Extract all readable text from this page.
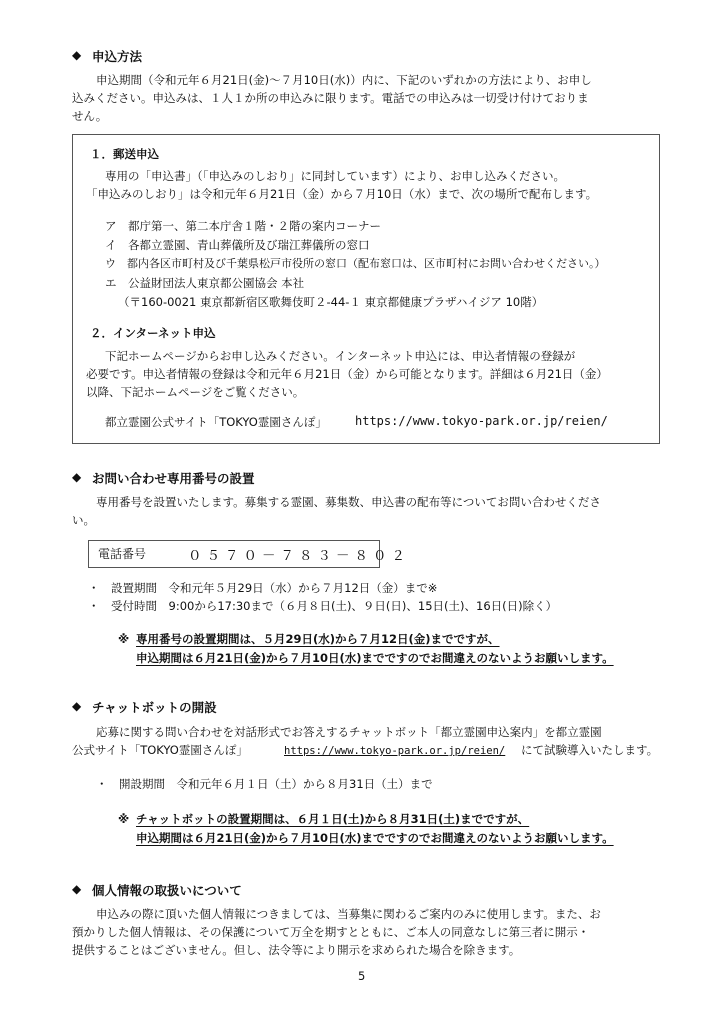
◆ 申込方法
申込期間（令和元年６月21日(金)～７月10日(水)）内に、下記のいずれかの方法により、お申し
込みください。申込みは、１人１か所の申込みに限ります。電話での申込みは一切受け付けておりま
せん。
１．郵送申込
専用の「申込書」（「申込みのしおり」に同封しています）により、お申し込みください。
「申込みのしおり」は令和元年６月21日（金）から７月10日（水）まで、次の場所で配布します。
ア　都庁第一、第二本庁舎１階・２階の案内コーナー
イ　各都立霊園、青山葬儀所及び瑞江葬儀所の窓口
ウ　都内各区市町村及び千葉県松戸市役所の窓口（配布窓口は、区市町村にお問い合わせください。）
エ　公益財団法人東京都公園協会 本社
（〒160-0021 東京都新宿区歌舞伎町２-44-１ 東京都健康プラザハイジア 10階）
２．インターネット申込
下記ホームページからお申し込みください。インターネット申込には、申込者情報の登録が
必要です。申込者情報の登録は令和元年６月21日（金）から可能となります。詳細は６月21日（金）
以降、下記ホームページをご覧ください。
都立霊園公式サイト「TOKYO霊園さんぽ」 https://www.tokyo-park.or.jp/reien/
◆ お問い合わせ専用番号の設置
専用番号を設置いたします。募集する霊園、募集数、申込書の配布等についてお問い合わせくださ
い。
電話番号	０５７０－７８３－８０２
・　設置期間　令和元年５月29日（水）から７月12日（金）まで※
・　受付時間　9:00から17:30まで（６月８日(土)、９日(日)、15日(土)、16日(日)除く）
※ 専用番号の設置期間は、５月29日(水)から７月12日(金)までですが、
申込期間は６月21日(金)から７月10日(水)までですのでお間違えのないようお願いします。
◆ チャットボットの開設
応募に関する問い合わせを対話形式でお答えするチャットボット「都立霊園申込案内」を都立霊園
公式サイト「TOKYO霊園さんぽ」	https://www.tokyo-park.or.jp/reien/ にて試験導入いたします。
・　開設期間　令和元年６月１日（土）から８月31日（土）まで
※ チャットボットの設置期間は、６月１日(土)から８月31日(土)までですが、
申込期間は６月21日(金)から７月10日(水)までですのでお間違えのないようお願いします。
◆ 個人情報の取扱いについて
申込みの際に頂いた個人情報につきましては、当募集に関わるご案内のみに使用します。また、お
預かりした個人情報は、その保護について万全を期すとともに、ご本人の同意なしに第三者に開示・
提供することはございません。但し、法令等により開示を求められた場合を除きます。
5
